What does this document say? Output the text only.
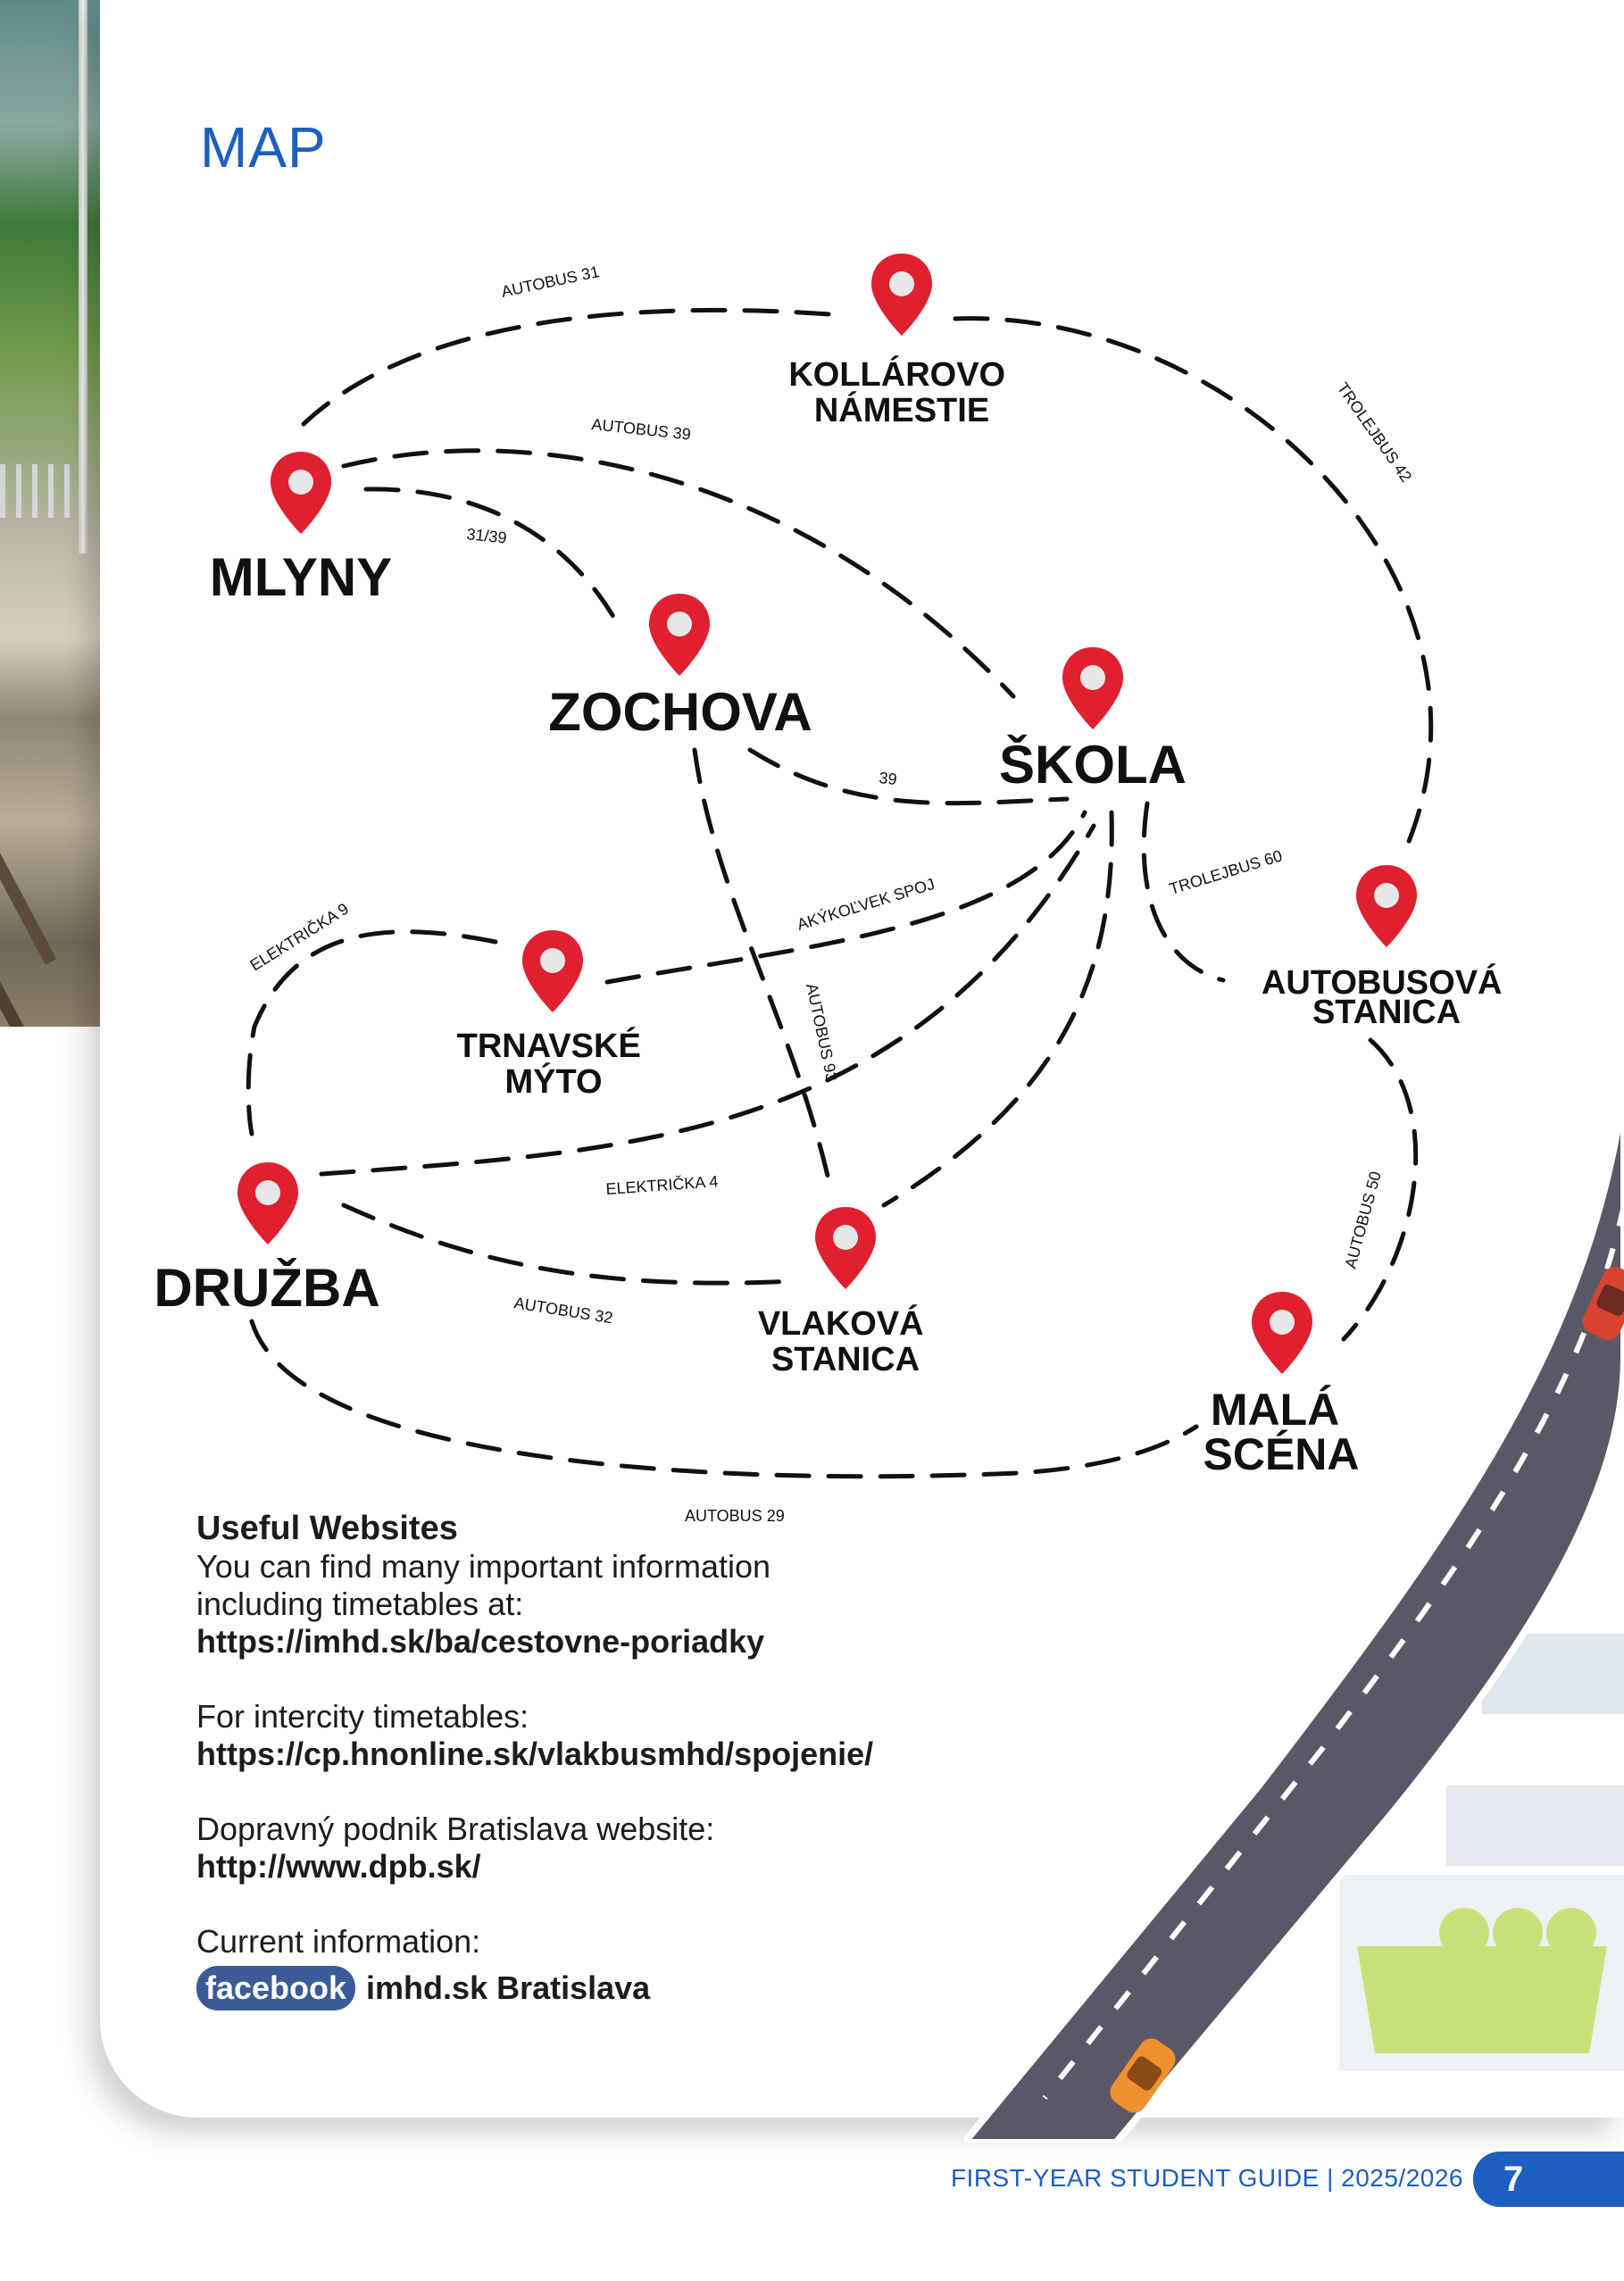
MAP
AUTOBUS 31
AUTOBUS 39
31/39
TROLEJBUS 42
39
ELEKTRIČKA 9	AKÝKOĽVEK SPOJ
TROLEJBUS 60
AUTOBUS 93
ELEKTRIČKA 4	AUTOBUS 50
AUTOBUS 32
AUTOBUS 29
KOLLÁROVO NÁMESTIE
MLYNY
ZOCHOVA
ŠKOLA
TRNAVSKÉ MÝTO
AUTOBUSOVÁ STANICA
DRUŽBA
VLAKOVÁ STANICA
MALÁ SCÉNA
Useful Websites

You can find many important information

including timetables at:

https://imhd.sk/ba/cestovne-poriadky

For intercity timetables:

https://cp.hnonline.sk/vlakbusmhd/spojenie/

Dopravný podnik Bratislava website:

http://www.dpb.sk/

Current information:

facebook imhd.sk Bratislava
FIRST-YEAR STUDENT GUIDE | 2025/2026	7
